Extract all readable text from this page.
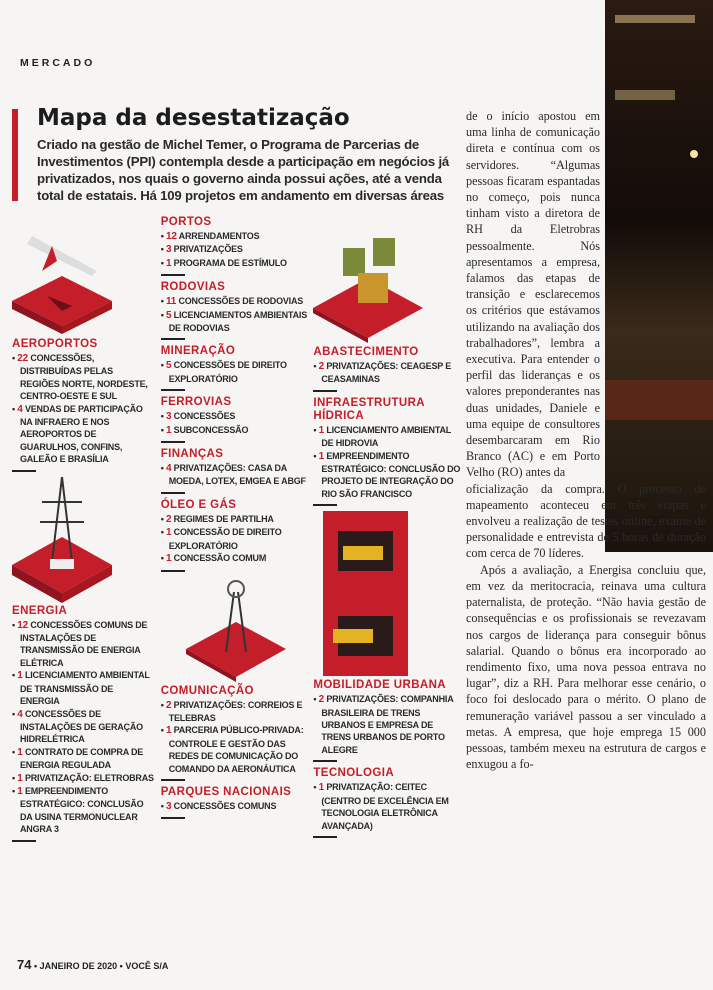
MERCADO
Mapa da desestatização
Criado na gestão de Michel Temer, o Programa de Parcerias de Investimentos (PPI) contempla desde a participação em negócios já privatizados, nos quais o governo ainda possui ações, até a venda total de estatais. Há 109 projetos em andamento em diversas áreas
AEROPORTOS
• 22 CONCESSÕES, DISTRIBUÍDAS PELAS REGIÕES NORTE, NORDESTE, CENTRO-OESTE E SUL
• 4 VENDAS DE PARTICIPAÇÃO NA INFRAERO E NOS AEROPORTOS DE GUARULHOS, CONFINS, GALEÃO E BRASÍLIA
ENERGIA
• 12 CONCESSÕES COMUNS DE INSTALAÇÕES DE TRANSMISSÃO DE ENERGIA ELÉTRICA
• 1 LICENCIAMENTO AMBIENTAL DE TRANSMISSÃO DE ENERGIA
• 4 CONCESSÕES DE INSTALAÇÕES DE GERAÇÃO HIDRELÉTRICA
• 1 CONTRATO DE COMPRA DE ENERGIA REGULADA
• 1 PRIVATIZAÇÃO: ELETROBRAS
• 1 EMPREENDIMENTO ESTRATÉGICO: CONCLUSÃO DA USINA TERMONUCLEAR ANGRA 3
PORTOS
• 12 ARRENDAMENTOS
• 3 PRIVATIZAÇÕES
• 1 PROGRAMA DE ESTÍMULO
RODOVIAS
• 11 CONCESSÕES DE RODOVIAS
• 5 LICENCIAMENTOS AMBIENTAIS DE RODOVIAS
MINERAÇÃO
• 5 CONCESSÕES DE DIREITO EXPLORATÓRIO
FERROVIAS
• 3 CONCESSÕES
• 1 SUBCONCESSÃO
FINANÇAS
• 4 PRIVATIZAÇÕES: CASA DA MOEDA, LOTEX, EMGEA E ABGF
ÓLEO E GÁS
• 2 REGIMES DE PARTILHA
• 1 CONCESSÃO DE DIREITO EXPLORATÓRIO
• 1 CONCESSÃO COMUM
COMUNICAÇÃO
• 2 PRIVATIZAÇÕES: CORREIOS E TELEBRAS
• 1 PARCERIA PÚBLICO-PRIVADA: CONTROLE E GESTÃO DAS REDES DE COMUNICAÇÃO DO COMANDO DA AERONÁUTICA
PARQUES NACIONAIS
• 3 CONCESSÕES COMUNS
ABASTECIMENTO
• 2 PRIVATIZAÇÕES: CEAGESP E CEASAMINAS
INFRAESTRUTURA HÍDRICA
• 1 LICENCIAMENTO AMBIENTAL DE HIDROVIA
• 1 EMPREENDIMENTO ESTRATÉGICO: CONCLUSÃO DO PROJETO DE INTEGRAÇÃO DO RIO SÃO FRANCISCO
MOBILIDADE URBANA
• 2 PRIVATIZAÇÕES: COMPANHIA BRASILEIRA DE TRENS URBANOS E EMPRESA DE TRENS URBANOS DE PORTO ALEGRE
TECNOLOGIA
• 1 PRIVATIZAÇÃO: CEITEC (CENTRO DE EXCELÊNCIA EM TECNOLOGIA ELETRÔNICA AVANÇADA)
74 • JANEIRO DE 2020 • VOCÊ S/A

de o início apostou em uma linha de comunicação direta e contínua com os servidores. “Algumas pessoas ficaram espantadas no começo, pois nunca tinham visto a diretora de RH da Eletrobras pessoalmente. Nós apresentamos a empresa, falamos das etapas de transição e esclarecemos os critérios que estávamos utilizando na avaliação dos trabalhadores”, lembra a executiva. Para entender o perfil das lideranças e os valores preponderantes nas duas unidades, Daniele e uma equipe de consultores desembarcaram em Rio Branco (AC) e em Porto Velho (RO) antes da

oficialização da compra. O processo de mapeamento aconteceu em três etapas e envolveu a realização de testes online, exame de personalidade e entrevista de 5 horas de duração com cerca de 70 líderes.

Após a avaliação, a Energisa concluiu que, em vez da meritocracia, reinava uma cultura paternalista, de proteção. “Não havia gestão de consequências e os profissionais se revezavam nos cargos de liderança para conseguir bônus salarial. Quando o bônus era incorporado ao rendimento fixo, uma nova pessoa entrava no lugar”, diz a RH. Para melhorar esse cenário, o foco foi deslocado para o mérito. O plano de remuneração variável passou a ser vinculado a metas. A empresa, que hoje emprega 15 000 pessoas, também mexeu na estrutura de cargos e enxugou a fo-
